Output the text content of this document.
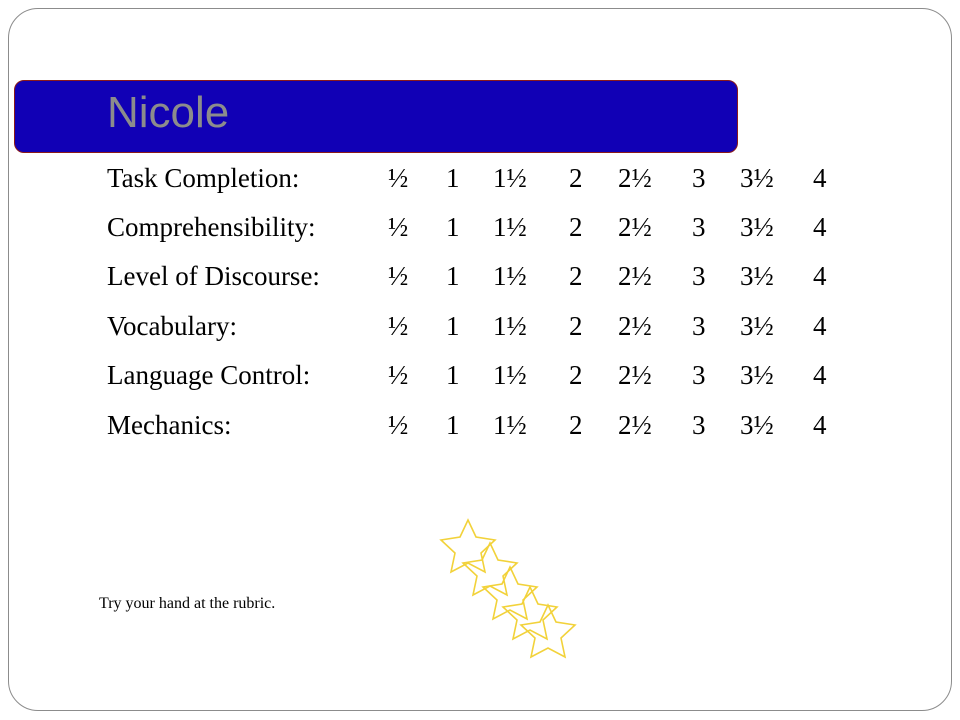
Nicole
Task Completion:	½ 1 1½ 2 2½ 3 3½ 4
Comprehensibility:	½ 1 1½ 2 2½ 3 3½ 4
Level of Discourse:	½ 1 1½ 2 2½ 3 3½ 4
Vocabulary:	½ 1 1½ 2 2½ 3 3½ 4
Language Control:	½ 1 1½ 2 2½ 3 3½ 4
Mechanics:	½ 1 1½ 2 2½ 3 3½ 4
Try your hand at the rubric.
